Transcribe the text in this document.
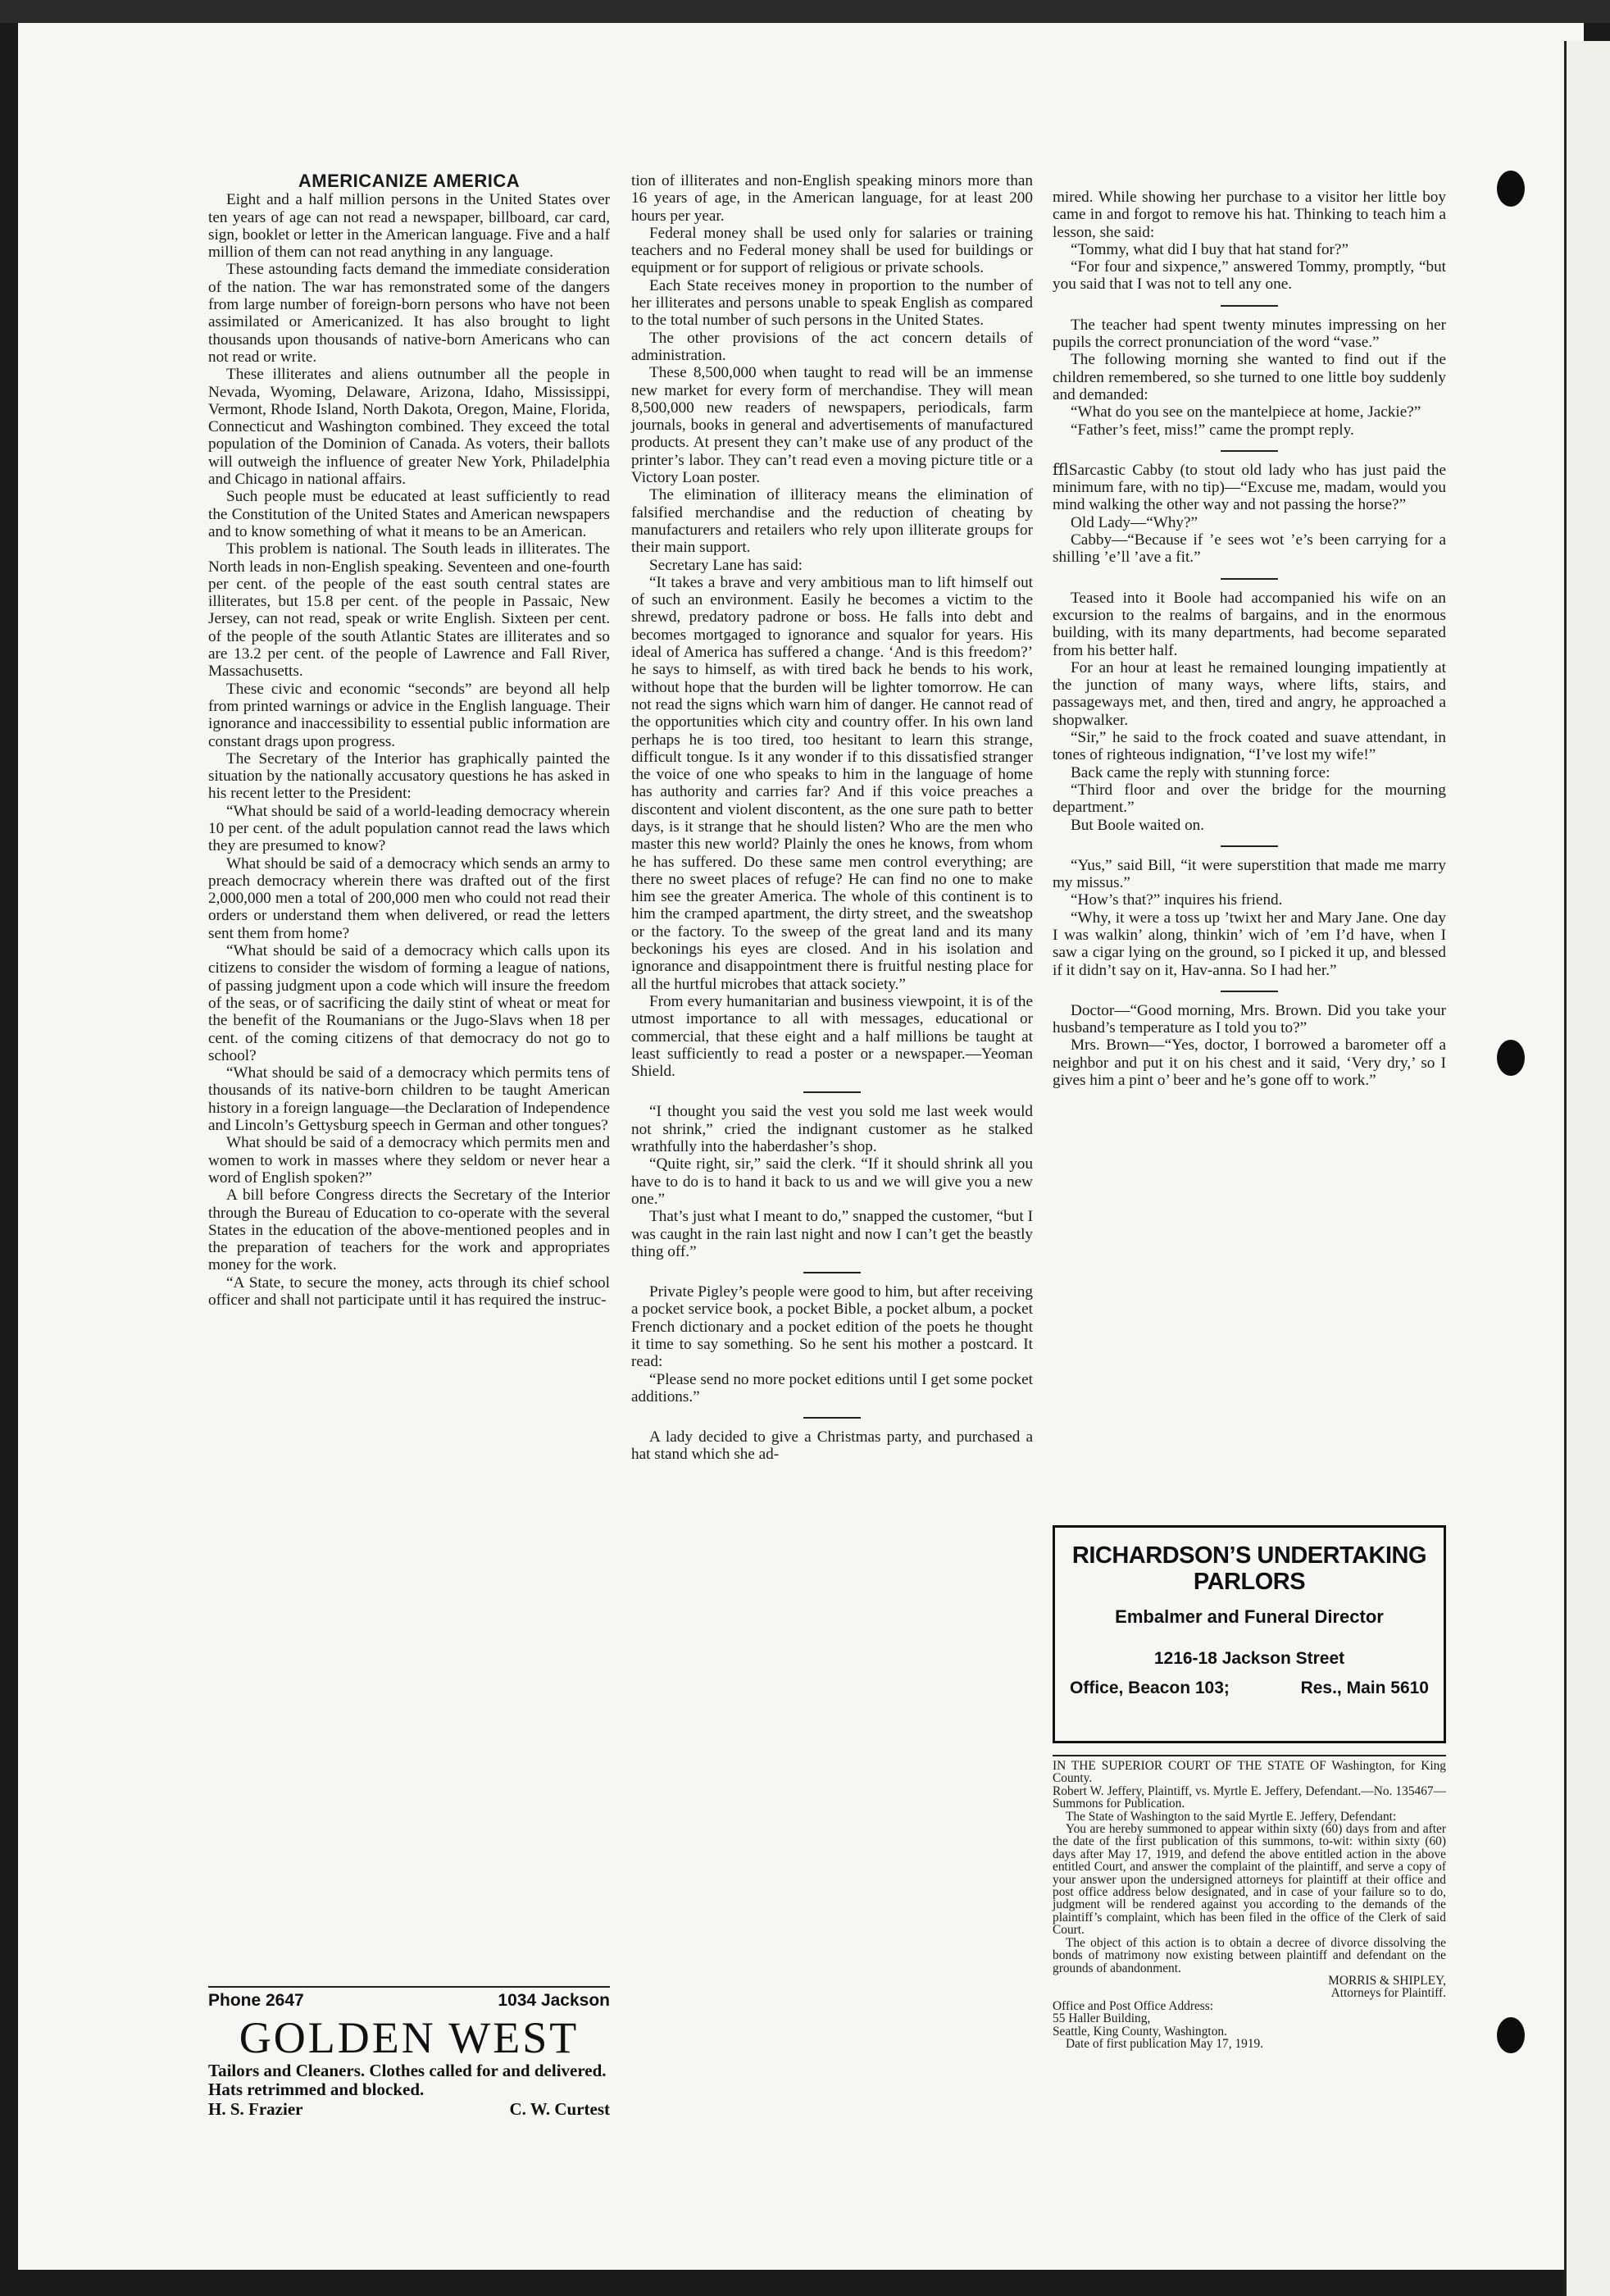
AMERICANIZE AMERICA

Eight and a half million persons in the United States over ten years of age can not read a newspaper, billboard, car card, sign, booklet or letter in the American language. Five and a half million of them can not read anything in any language.

These astounding facts demand the immediate consideration of the nation. The war has remonstrated some of the dangers from large number of foreign-born persons who have not been assimilated or Americanized. It has also brought to light thousands upon thousands of native-born Americans who can not read or write.

These illiterates and aliens outnumber all the people in Nevada, Wyoming, Delaware, Arizona, Idaho, Mississippi, Vermont, Rhode Island, North Dakota, Oregon, Maine, Florida, Connecticut and Washington combined. They exceed the total population of the Dominion of Canada. As voters, their ballots will outweigh the influence of greater New York, Philadelphia and Chicago in national affairs.

Such people must be educated at least sufficiently to read the Constitution of the United States and American newspapers and to know something of what it means to be an American.

This problem is national. The South leads in illiterates. The North leads in non-English speaking. Seventeen and one-fourth per cent. of the people of the east south central states are illiterates, but 15.8 per cent. of the people in Passaic, New Jersey, can not read, speak or write English. Sixteen per cent. of the people of the south Atlantic States are illiterates and so are 13.2 per cent. of the people of Lawrence and Fall River, Massachusetts.

These civic and economic “seconds” are beyond all help from printed warnings or advice in the English language. Their ignorance and inaccessibility to essential public information are constant drags upon progress.

The Secretary of the Interior has graphically painted the situation by the nationally accusatory questions he has asked in his recent letter to the President:

“What should be said of a world-leading democracy wherein 10 per cent. of the adult population cannot read the laws which they are presumed to know?

What should be said of a democracy which sends an army to preach democracy wherein there was drafted out of the first 2,000,000 men a total of 200,000 men who could not read their orders or understand them when delivered, or read the letters sent them from home?

“What should be said of a democracy which calls upon its citizens to consider the wisdom of forming a league of nations, of passing judgment upon a code which will insure the freedom of the seas, or of sacrificing the daily stint of wheat or meat for the benefit of the Roumanians or the Jugo-Slavs when 18 per cent. of the coming citizens of that democracy do not go to school?

“What should be said of a democracy which permits tens of thousands of its native-born children to be taught American history in a foreign language—the Declaration of Independence and Lincoln’s Gettysburg speech in German and other tongues?

What should be said of a democracy which permits men and women to work in masses where they seldom or never hear a word of English spoken?”

A bill before Congress directs the Secretary of the Interior through the Bureau of Education to co-operate with the several States in the education of the above-mentioned peoples and in the preparation of teachers for the work and appropriates money for the work.

“A State, to secure the money, acts through its chief school officer and shall not participate until it has required the instruc-

Phone 2647	1034 Jackson
GOLDEN WEST
Tailors and Cleaners. Clothes called for and delivered. Hats retrimmed and blocked.
H. S. Frazier	C. W. Curtest

tion of illiterates and non-English speaking minors more than 16 years of age, in the American language, for at least 200 hours per year.

Federal money shall be used only for salaries or training teachers and no Federal money shall be used for buildings or equipment or for support of religious or private schools.

Each State receives money in proportion to the number of her illiterates and persons unable to speak English as compared to the total number of such persons in the United States.

The other provisions of the act concern details of administration.

These 8,500,000 when taught to read will be an immense new market for every form of merchandise. They will mean 8,500,000 new readers of newspapers, periodicals, farm journals, books in general and advertisements of manufactured products. At present they can’t make use of any product of the printer’s labor. They can’t read even a moving picture title or a Victory Loan poster.

The elimination of illiteracy means the elimination of falsified merchandise and the reduction of cheating by manufacturers and retailers who rely upon illiterate groups for their main support.

Secretary Lane has said:

“It takes a brave and very ambitious man to lift himself out of such an environment. Easily he becomes a victim to the shrewd, predatory padrone or boss. He falls into debt and becomes mortgaged to ignorance and squalor for years. His ideal of America has suffered a change. ‘And is this freedom?’ he says to himself, as with tired back he bends to his work, without hope that the burden will be lighter tomorrow. He can not read the signs which warn him of danger. He cannot read of the opportunities which city and country offer. In his own land perhaps he is too tired, too hesitant to learn this strange, difficult tongue. Is it any wonder if to this dissatisfied stranger the voice of one who speaks to him in the language of home has authority and carries far? And if this voice preaches a discontent and violent discontent, as the one sure path to better days, is it strange that he should listen? Who are the men who master this new world? Plainly the ones he knows, from whom he has suffered. Do these same men control everything; are there no sweet places of refuge? He can find no one to make him see the greater America. The whole of this continent is to him the cramped apartment, the dirty street, and the sweatshop or the factory. To the sweep of the great land and its many beckonings his eyes are closed. And in his isolation and ignorance and disappointment there is fruitful nesting place for all the hurtful microbes that attack society.”

From every humanitarian and business viewpoint, it is of the utmost importance to all with messages, educational or commercial, that these eight and a half millions be taught at least sufficiently to read a poster or a newspaper.—Yeoman Shield.

“I thought you said the vest you sold me last week would not shrink,” cried the indignant customer as he stalked wrathfully into the haberdasher’s shop.

“Quite right, sir,” said the clerk. “If it should shrink all you have to do is to hand it back to us and we will give you a new one.”

That’s just what I meant to do,” snapped the customer, “but I was caught in the rain last night and now I can’t get the beastly thing off.”

Private Pigley’s people were good to him, but after receiving a pocket service book, a pocket Bible, a pocket album, a pocket French dictionary and a pocket edition of the poets he thought it time to say something. So he sent his mother a postcard. It read:

“Please send no more pocket editions until I get some pocket additions.”

A lady decided to give a Christmas party, and purchased a hat stand which she ad-

mired. While showing her purchase to a visitor her little boy came in and forgot to remove his hat. Thinking to teach him a lesson, she said:

“Tommy, what did I buy that hat stand for?”

“For four and sixpence,” answered Tommy, promptly, “but you said that I was not to tell any one.

The teacher had spent twenty minutes impressing on her pupils the correct pronunciation of the word “vase.”

The following morning she wanted to find out if the children remembered, so she turned to one little boy suddenly and demanded:

“What do you see on the mantelpiece at home, Jackie?”

“Father’s feet, miss!” came the prompt reply.

ﬄSarcastic Cabby (to stout old lady who has just paid the minimum fare, with no tip)—“Excuse me, madam, would you mind walking the other way and not passing the horse?”

Old Lady—“Why?”

Cabby—“Because if ’e sees wot ’e’s been carrying for a shilling ’e’ll ’ave a fit.”

Teased into it Boole had accompanied his wife on an excursion to the realms of bargains, and in the enormous building, with its many departments, had become separated from his better half.

For an hour at least he remained lounging impatiently at the junction of many ways, where lifts, stairs, and passageways met, and then, tired and angry, he approached a shopwalker.

“Sir,” he said to the frock coated and suave attendant, in tones of righteous indignation, “I’ve lost my wife!”

Back came the reply with stunning force:

“Third floor and over the bridge for the mourning department.”

But Boole waited on.

“Yus,” said Bill, “it were superstition that made me marry my missus.”

“How’s that?” inquires his friend.

“Why, it were a toss up ’twixt her and Mary Jane. One day I was walkin’ along, thinkin’ wich of ’em I’d have, when I saw a cigar lying on the ground, so I picked it up, and blessed if it didn’t say on it, Hav-anna. So I had her.”

Doctor—“Good morning, Mrs. Brown. Did you take your husband’s temperature as I told you to?”

Mrs. Brown—“Yes, doctor, I borrowed a barometer off a neighbor and put it on his chest and it said, ‘Very dry,’ so I gives him a pint o’ beer and he’s gone off to work.”

RICHARDSON’S UNDERTAKING PARLORS
Embalmer and Funeral Director
1216-18 Jackson Street
Office, Beacon 103;	Res., Main 5610

IN THE SUPERIOR COURT OF THE STATE OF Washington, for King County.

Robert W. Jeffery, Plaintiff, vs. Myrtle E. Jeffery, Defendant.—No. 135467—Summons for Publication.

The State of Washington to the said Myrtle E. Jeffery, Defendant:

You are hereby summoned to appear within sixty (60) days from and after the date of the first publication of this summons, to-wit: within sixty (60) days after May 17, 1919, and defend the above entitled action in the above entitled Court, and answer the complaint of the plaintiff, and serve a copy of your answer upon the undersigned attorneys for plaintiff at their office and post office address below designated, and in case of your failure so to do, judgment will be rendered against you according to the demands of the plaintiff’s complaint, which has been filed in the office of the Clerk of said Court.

The object of this action is to obtain a decree of divorce dissolving the bonds of matrimony now existing between plaintiff and defendant on the grounds of abandonment.

MORRIS & SHIPLEY,

Attorneys for Plaintiff.

Office and Post Office Address:

55 Haller Building,

Seattle, King County, Washington.

Date of first publication May 17, 1919.
